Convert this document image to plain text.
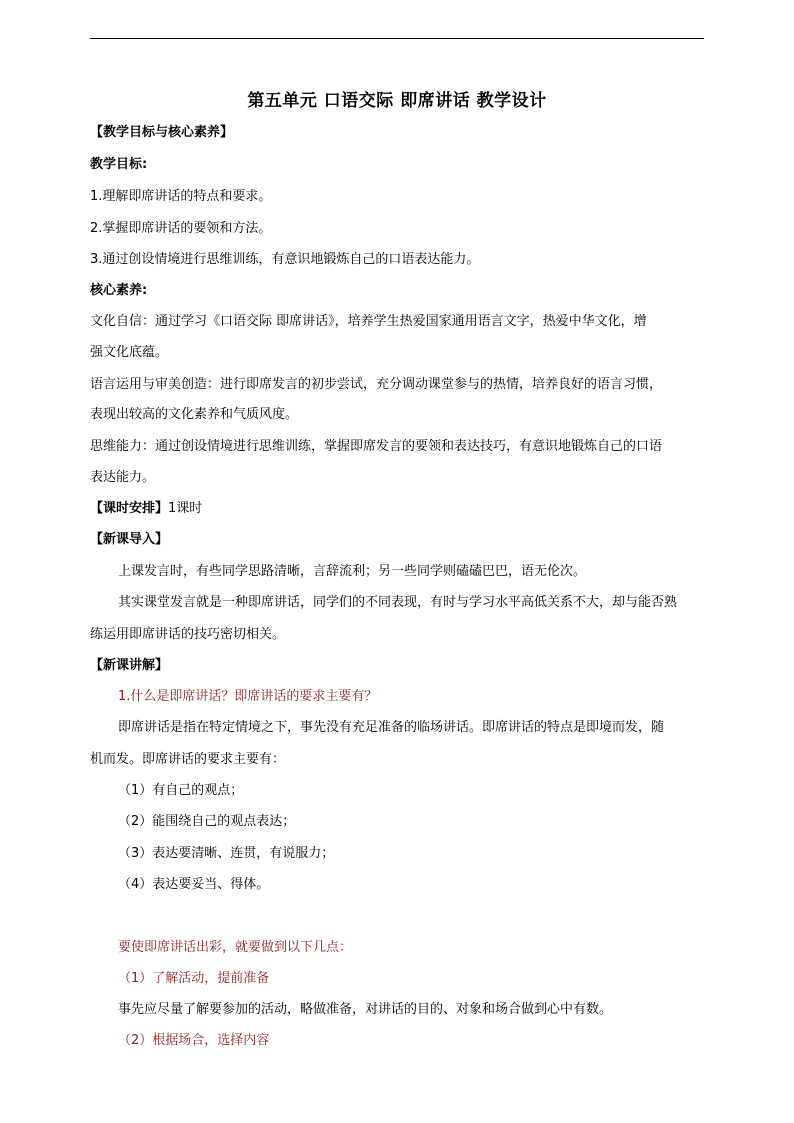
第五单元 口语交际 即席讲话 教学设计
【教学目标与核心素养】
教学目标:
1.理解即席讲话的特点和要求。
2.掌握即席讲话的要领和方法。
3.通过创设情境进行思维训练，有意识地锻炼自己的口语表达能力。
核心素养:
文化自信：通过学习《口语交际 即席讲话》，培养学生热爱国家通用语言文字，热爱中华文化，增
强文化底蕴。
语言运用与审美创造：进行即席发言的初步尝试，充分调动课堂参与的热情，培养良好的语言习惯，
表现出较高的文化素养和气质风度。
思维能力：通过创设情境进行思维训练，掌握即席发言的要领和表达技巧，有意识地锻炼自己的口语
表达能力。
【课时安排】1课时
【新课导入】
上课发言时，有些同学思路清晰，言辞流利；另一些同学则磕磕巴巴，语无伦次。
其实课堂发言就是一种即席讲话，同学们的不同表现，有时与学习水平高低关系不大，却与能否熟
练运用即席讲话的技巧密切相关。
【新课讲解】
1.什么是即席讲话？即席讲话的要求主要有？
即席讲话是指在特定情境之下，事先没有充足准备的临场讲话。即席讲话的特点是即境而发，随
机而发。即席讲话的要求主要有：
（1）有自己的观点；
（2）能围绕自己的观点表达；
（3）表达要清晰、连贯，有说服力；
（4）表达要妥当、得体。
要使即席讲话出彩，就要做到以下几点：
（1）了解活动，提前准备
事先应尽量了解要参加的活动，略做准备，对讲话的目的、对象和场合做到心中有数。
（2）根据场合，选择内容
